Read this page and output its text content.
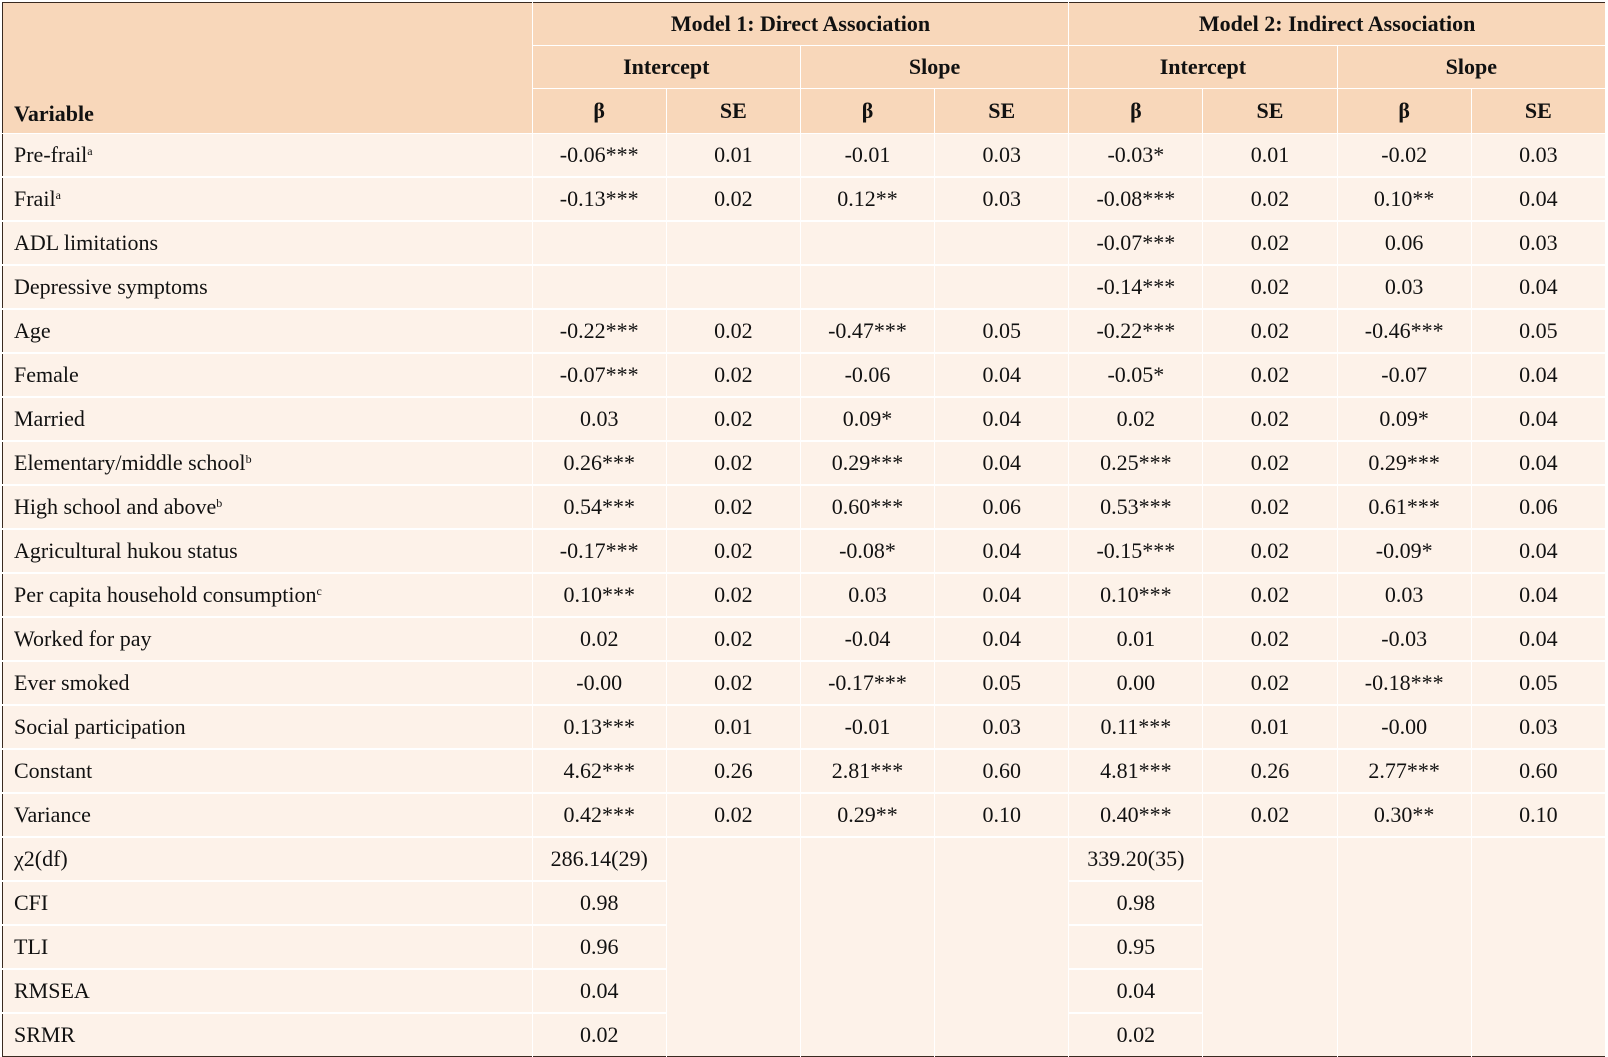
Variable	Model 1: Direct Association				Model 2: Indirect Association			
	Intercept		Slope		Intercept		Slope	
	β	SE	β	SE	β	SE	β	SE
Pre-frail$^a$	-0.06***	0.01	-0.01	0.03	-0.03*	0.01	-0.02	0.03
Frail$^a$	-0.13***	0.02	0.12**	0.03	-0.08***	0.02	0.10**	0.04
ADL limitations					-0.07***	0.02	0.06	0.03
Depressive symptoms					-0.14***	0.02	0.03	0.04
Age	-0.22***	0.02	-0.47***	0.05	-0.22***	0.02	-0.46***	0.05
Female	-0.07***	0.02	-0.06	0.04	-0.05*	0.02	-0.07	0.04
Married	0.03	0.02	0.09*	0.04	0.02	0.02	0.09*	0.04
Elementary/middle school$^b$	0.26***	0.02	0.29***	0.04	0.25***	0.02	0.29***	0.04
High school and above$^b$	0.54***	0.02	0.60***	0.06	0.53***	0.02	0.61***	0.06
Agricultural hukou status	-0.17***	0.02	-0.08*	0.04	-0.15***	0.02	-0.09*	0.04
Per capita household consumption$^c$	0.10***	0.02	0.03	0.04	0.10***	0.02	0.03	0.04
Worked for pay	0.02	0.02	-0.04	0.04	0.01	0.02	-0.03	0.04
Ever smoked	-0.00	0.02	-0.17***	0.05	0.00	0.02	-0.18***	0.05
Social participation	0.13***	0.01	-0.01	0.03	0.11***	0.01	-0.00	0.03
Constant	4.62***	0.26	2.81***	0.60	4.81***	0.26	2.77***	0.60
Variance	0.42***	0.02	0.29**	0.10	0.40***	0.02	0.30**	0.10
χ2(df)	286.14(29)				339.20(35)			
CFI	0.98				0.98			
TLI	0.96				0.95			
RMSEA	0.04				0.04			
SRMR	0.02				0.02			
